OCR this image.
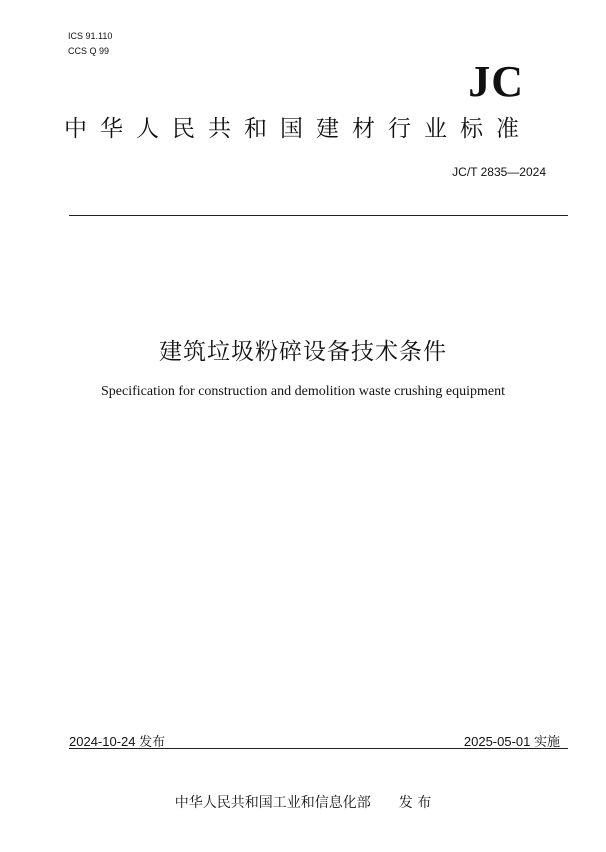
ICS 91.110
CCS Q 99
JC
中华人民共和国建材行业标准
JC/T 2835—2024
建筑垃圾粉碎设备技术条件
Specification for construction and demolition waste crushing equipment
2024-10-24 发布	2025-05-01 实施
中华人民共和国工业和信息化部 发 布
